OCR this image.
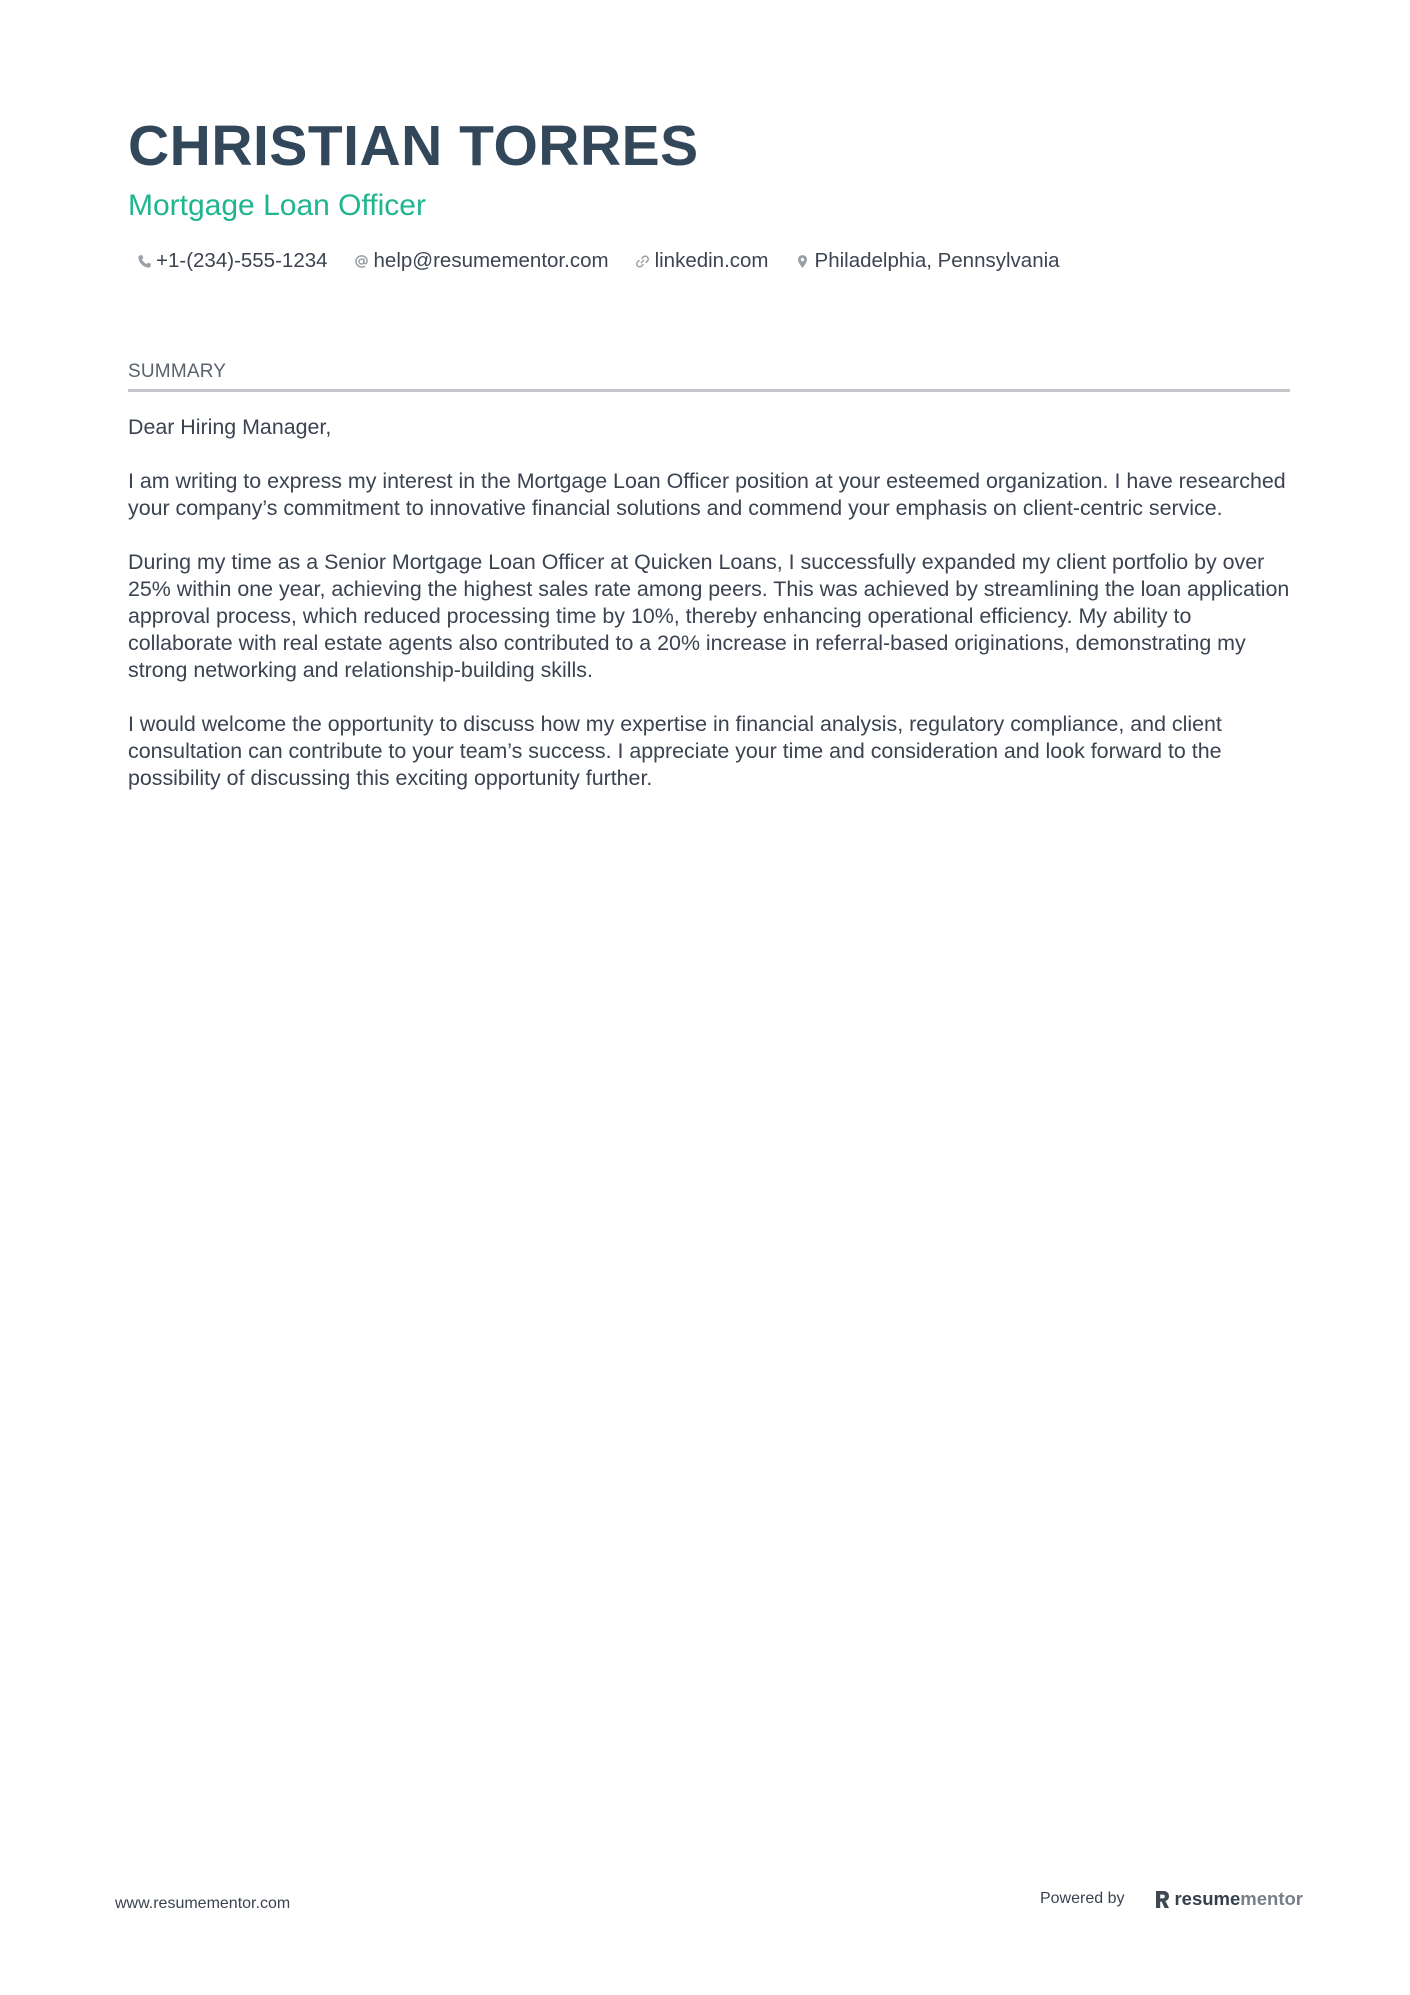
CHRISTIAN TORRES
Mortgage Loan Officer
+1-(234)-555-1234 help@resumementor.com linkedin.com Philadelphia, Pennsylvania
SUMMARY

Dear Hiring Manager,

I am writing to express my interest in the Mortgage Loan Officer position at your esteemed organization. I have researched your company’s commitment to innovative financial solutions and commend your emphasis on client-centric service.

During my time as a Senior Mortgage Loan Officer at Quicken Loans, I successfully expanded my client portfolio by over 25% within one year, achieving the highest sales rate among peers. This was achieved by streamlining the loan application approval process, which reduced processing time by 10%, thereby enhancing operational efficiency. My ability to collaborate with real estate agents also contributed to a 20% increase in referral-based originations, demonstrating my strong networking and relationship-building skills.

I would welcome the opportunity to discuss how my expertise in financial analysis, regulatory compliance, and client consultation can contribute to your team’s success. I appreciate your time and consideration and look forward to the possibility of discussing this exciting opportunity further.

www.resumementor.com	Powered by	resume mentor
